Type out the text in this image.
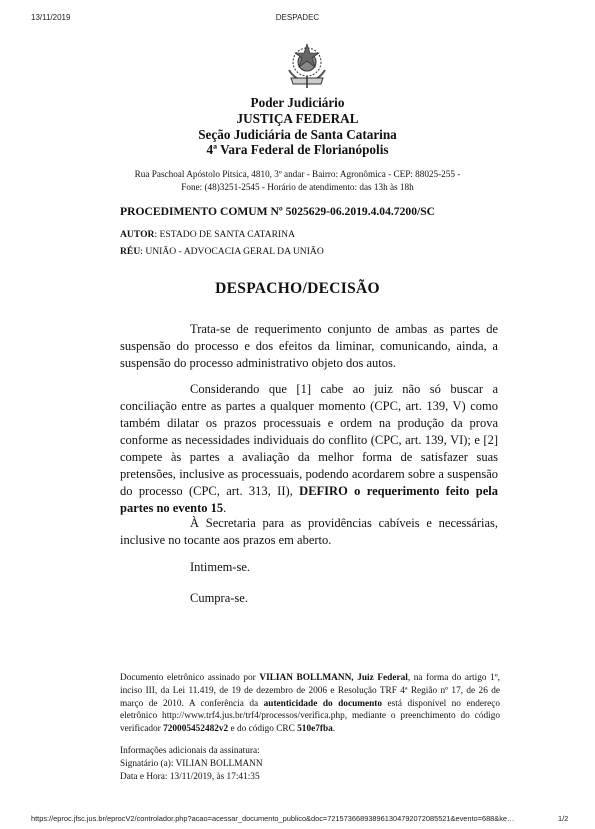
13/11/2019	DESPADEC
Poder Judiciário
JUSTIÇA FEDERAL
Seção Judiciária de Santa Catarina
4ª Vara Federal de Florianópolis
Rua Paschoal Apóstolo Pitsica, 4810, 3º andar - Bairro: Agronômica - CEP: 88025-255 -
Fone: (48)3251-2545 - Horário de atendimento: das 13h às 18h
PROCEDIMENTO COMUM Nº 5025629-06.2019.4.04.7200/SC
AUTOR: ESTADO DE SANTA CATARINA
RÉU: UNIÃO - ADVOCACIA GERAL DA UNIÃO
DESPACHO/DECISÃO
Trata-se de requerimento conjunto de ambas as partes de suspensão do processo e dos efeitos da liminar, comunicando, ainda, a suspensão do processo administrativo objeto dos autos.
Considerando que [1] cabe ao juiz não só buscar a conciliação entre as partes a qualquer momento (CPC, art. 139, V) como também dilatar os prazos processuais e ordem na produção da prova conforme as necessidades individuais do conflito (CPC, art. 139, VI); e [2] compete às partes a avaliação da melhor forma de satisfazer suas pretensões, inclusive as processuais, podendo acordarem sobre a suspensão do processo (CPC, art. 313, II), DEFIRO o requerimento feito pela partes no evento 15.
À Secretaria para as providências cabíveis e necessárias, inclusive no tocante aos prazos em aberto.
Intimem-se.
Cumpra-se.
Documento eletrônico assinado por VILIAN BOLLMANN, Juiz Federal, na forma do artigo 1º, inciso III, da Lei 11.419, de 19 de dezembro de 2006 e Resolução TRF 4ª Região nº 17, de 26 de março de 2010. A conferência da autenticidade do documento está disponível no endereço eletrônico http://www.trf4.jus.br/trf4/processos/verifica.php, mediante o preenchimento do código verificador 720005452482v2 e do código CRC 510e7fba.
Informações adicionais da assinatura:
Signatário (a): VILIAN BOLLMANN
Data e Hora: 13/11/2019, às 17:41:35
https://eproc.jfsc.jus.br/eprocV2/controlador.php?acao=acessar_documento_publico&doc=721573668938961304792072085521&evento=688&ke…	1/2
